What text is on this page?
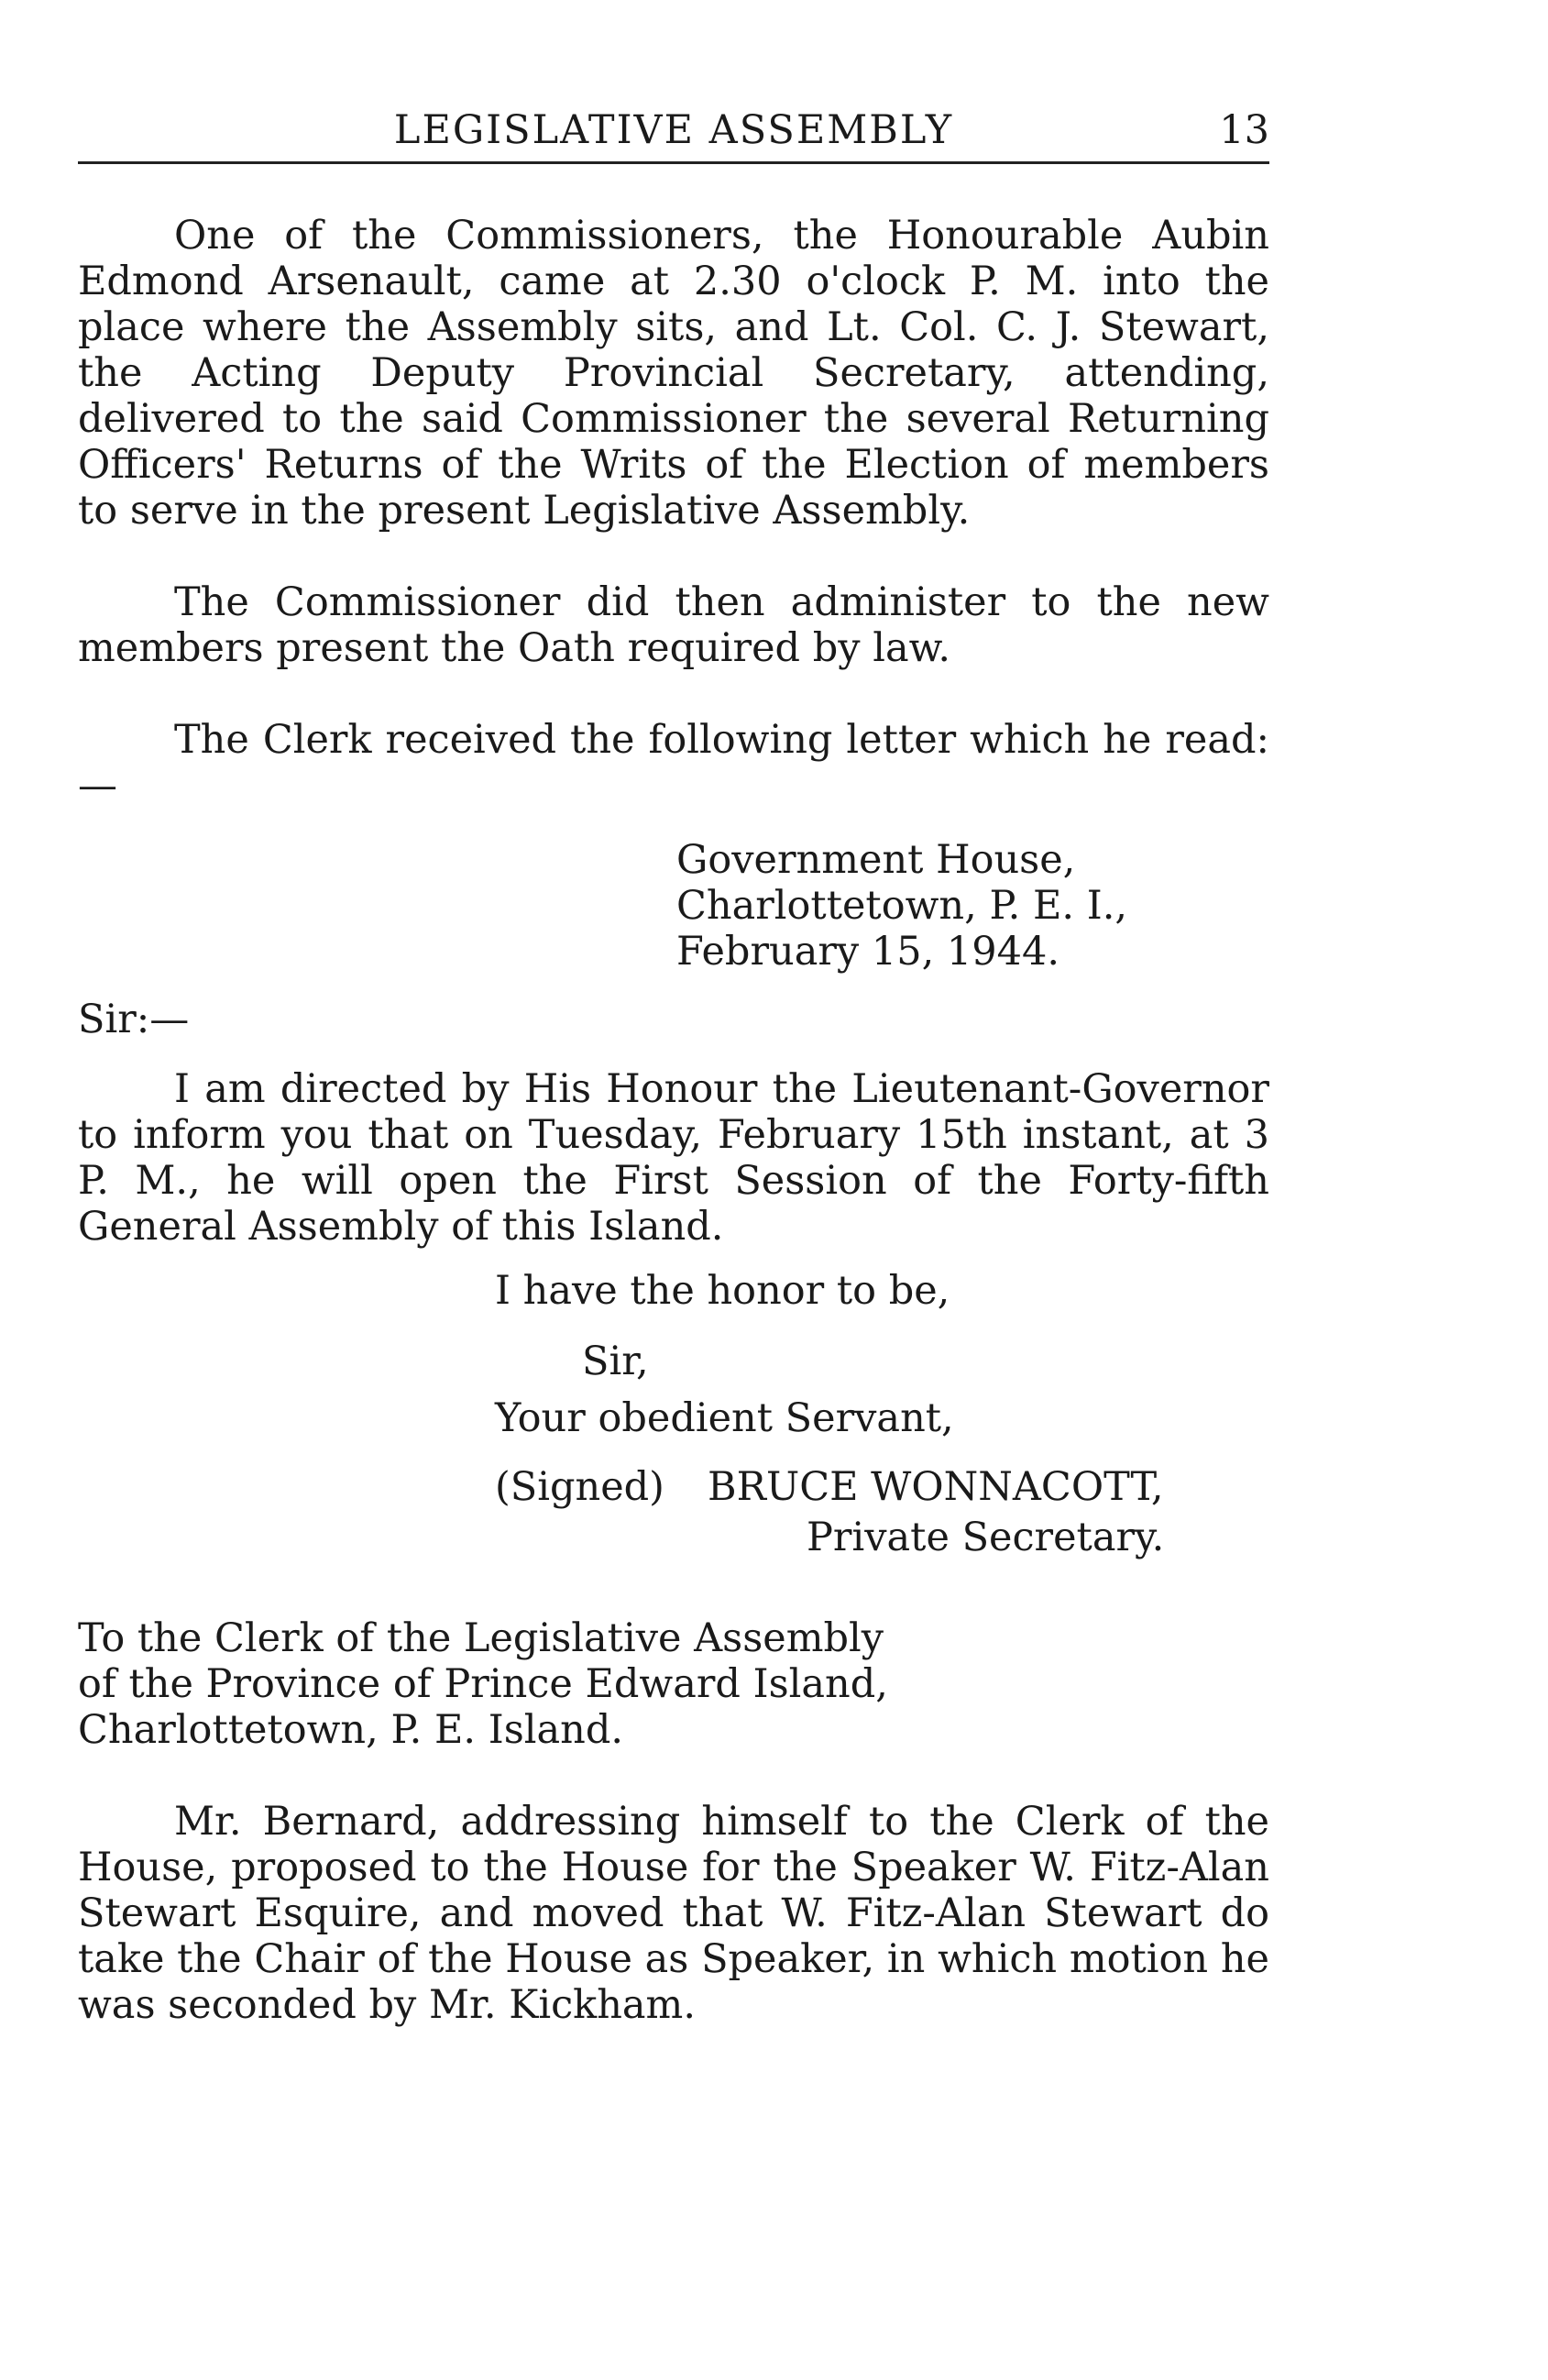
LEGISLATIVE ASSEMBLY	13

One of the Commissioners, the Honourable Aubin Edmond Arsenault, came at 2.30 o'clock P. M. into the place where the Assembly sits, and Lt. Col. C. J. Stewart, the Acting Deputy Provincial Secretary, attending, delivered to the said Commissioner the several Returning Officers' Returns of the Writs of the Election of members to serve in the present Legislative Assembly.

The Commissioner did then administer to the new members present the Oath required by law.

The Clerk received the following letter which he read:—

Government House,
Charlottetown, P. E. I.,
February 15, 1944.
Sir:—

I am directed by His Honour the Lieutenant-Governor to inform you that on Tuesday, February 15th instant, at 3 P. M., he will open the First Session of the Forty-fifth General Assembly of this Island.

I have the honor to be,
Sir,
Your obedient Servant,
(Signed) BRUCE WONNACOTT,
Private Secretary.
To the Clerk of the Legislative Assembly
of the Province of Prince Edward Island,
Charlottetown, P. E. Island.

Mr. Bernard, addressing himself to the Clerk of the House, proposed to the House for the Speaker W. Fitz-Alan Stewart Esquire, and moved that W. Fitz-Alan Stewart do take the Chair of the House as Speaker, in which motion he was seconded by Mr. Kickham.
